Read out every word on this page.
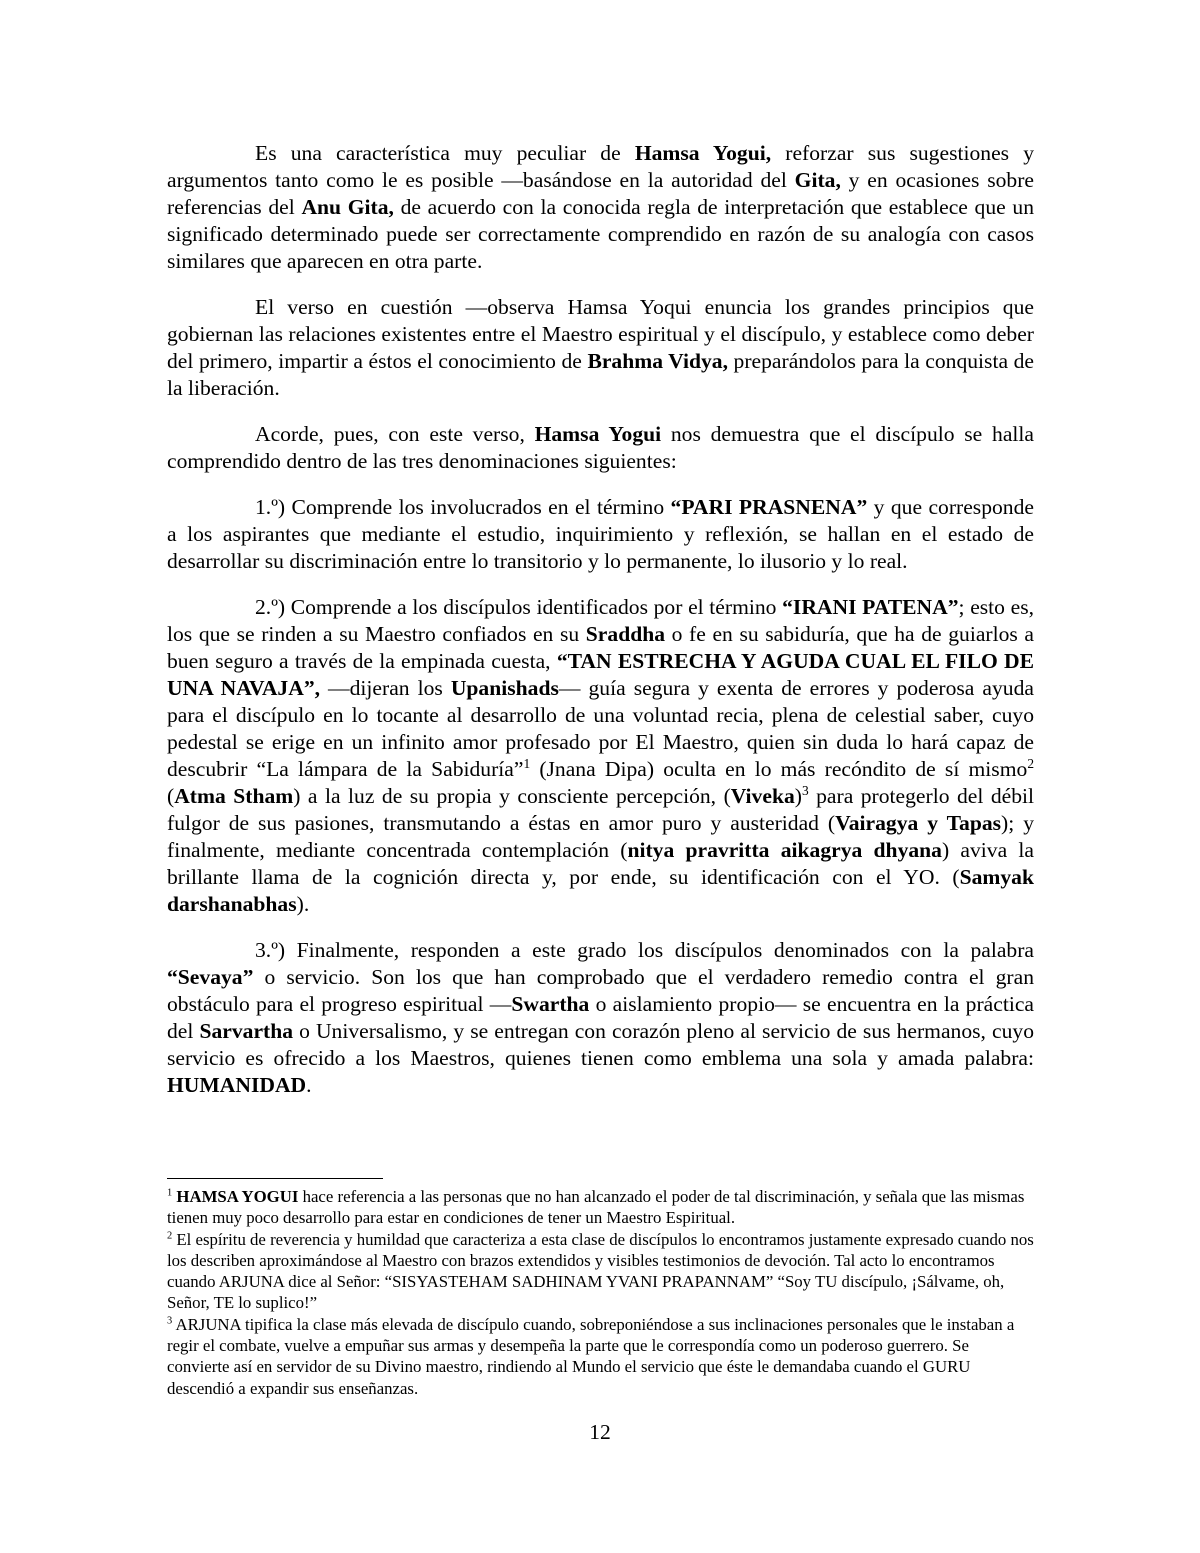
Es una característica muy peculiar de Hamsa Yogui, reforzar sus sugestiones y argumentos tanto como le es posible —basándose en la autoridad del Gita, y en ocasiones sobre referencias del Anu Gita, de acuerdo con la conocida regla de interpretación que establece que un significado determinado puede ser correctamente comprendido en razón de su analogía con casos similares que aparecen en otra parte.

El verso en cuestión —observa Hamsa Yoqui enuncia los grandes principios que gobiernan las relaciones existentes entre el Maestro espiritual y el discípulo, y establece como deber del primero, impartir a éstos el conocimiento de Brahma Vidya, preparándolos para la conquista de la liberación.

Acorde, pues, con este verso, Hamsa Yogui nos demuestra que el discípulo se halla comprendido dentro de las tres denominaciones siguientes:

1.º) Comprende los involucrados en el término “PARI PRASNENA” y que corresponde a los aspirantes que mediante el estudio, inquirimiento y reflexión, se hallan en el estado de desarrollar su discriminación entre lo transitorio y lo permanente, lo ilusorio y lo real.

2.º) Comprende a los discípulos identificados por el término “IRANI PATENA”; esto es, los que se rinden a su Maestro confiados en su Sraddha o fe en su sabiduría, que ha de guiarlos a buen seguro a través de la empinada cuesta, “TAN ESTRECHA Y AGUDA CUAL EL FILO DE UNA NAVAJA”, —dijeran los Upanishads— guía segura y exenta de errores y poderosa ayuda para el discípulo en lo tocante al desarrollo de una voluntad recia, plena de celestial saber, cuyo pedestal se erige en un infinito amor profesado por El Maestro, quien sin duda lo hará capaz de descubrir “La lámpara de la Sabiduría”$^1$ (Jnana Dipa) oculta en lo más recóndito de sí mismo$^2$ (Atma Stham) a la luz de su propia y consciente percepción, (Viveka)$^3$ para protegerlo del débil fulgor de sus pasiones, transmutando a éstas en amor puro y austeridad (Vairagya y Tapas); y finalmente, mediante concentrada contemplación (nitya pravritta aikagrya dhyana) aviva la brillante llama de la cognición directa y, por ende, su identificación con el YO. (Samyak darshanabhas).

3.º) Finalmente, responden a este grado los discípulos denominados con la palabra “Sevaya” o servicio. Son los que han comprobado que el verdadero remedio contra el gran obstáculo para el progreso espiritual —Swartha o aislamiento propio— se encuentra en la práctica del Sarvartha o Universalismo, y se entregan con corazón pleno al servicio de sus hermanos, cuyo servicio es ofrecido a los Maestros, quienes tienen como emblema una sola y amada palabra: HUMANIDAD.

$^1$ HAMSA YOGUI hace referencia a las personas que no han alcanzado el poder de tal discriminación, y señala que las mismas tienen muy poco desarrollo para estar en condiciones de tener un Maestro Espiritual.

$^2$ El espíritu de reverencia y humildad que caracteriza a esta clase de discípulos lo encontramos justamente expresado cuando nos los describen aproximándose al Maestro con brazos extendidos y visibles testimonios de devoción. Tal acto lo encontramos cuando ARJUNA dice al Señor: “SISYASTEHAM SADHINAM YVANI PRAPANNAM” “Soy TU discípulo, ¡Sálvame, oh, Señor, TE lo suplico!”

$^3$ ARJUNA tipifica la clase más elevada de discípulo cuando, sobreponiéndose a sus inclinaciones personales que le instaban a regir el combate, vuelve a empuñar sus armas y desempeña la parte que le correspondía como un poderoso guerrero. Se convierte así en servidor de su Divino maestro, rindiendo al Mundo el servicio que éste le demandaba cuando el GURU descendió a expandir sus enseñanzas.

12
